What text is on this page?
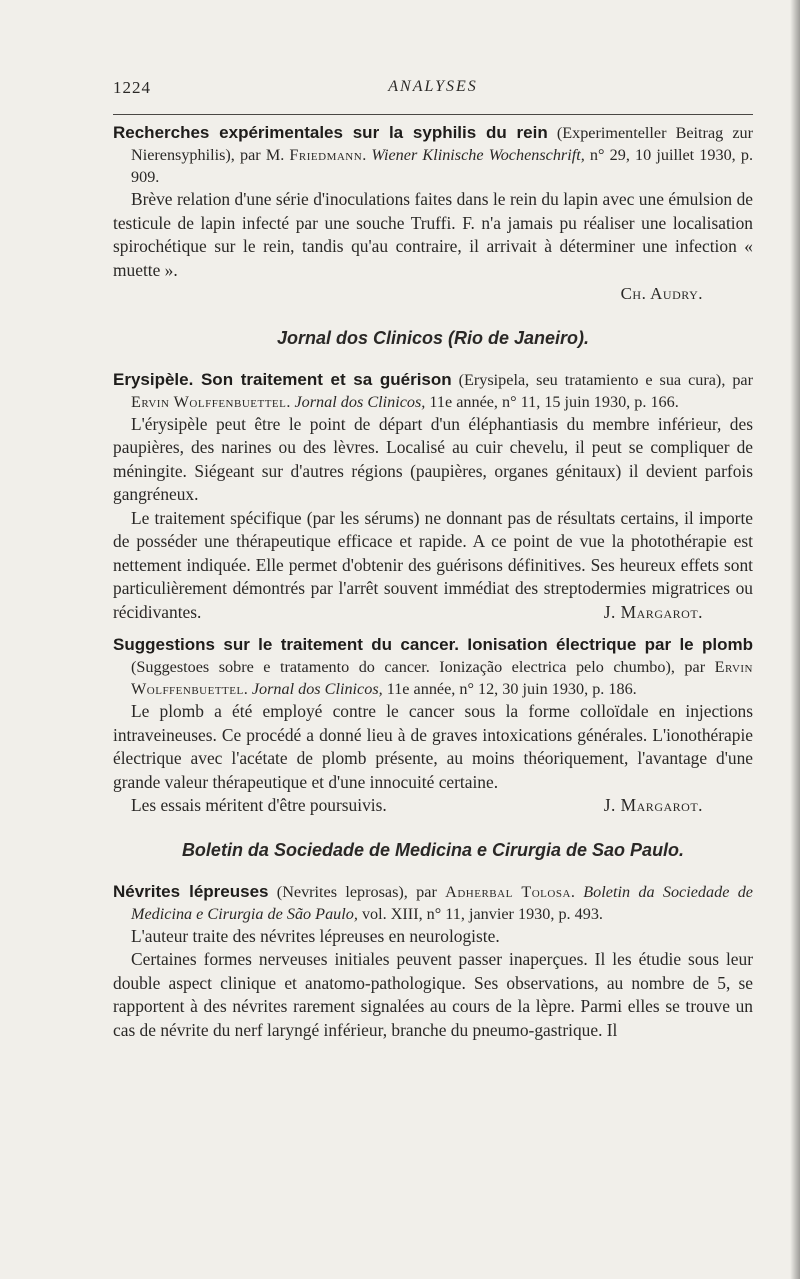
1224	ANALYSES

Recherches expérimentales sur la syphilis du rein (Experimenteller Beitrag zur Nierensyphilis), par M. Friedmann. Wiener Klinische Wochenschrift, n° 29, 10 juillet 1930, p. 909.

Brève relation d'une série d'inoculations faites dans le rein du lapin avec une émulsion de testicule de lapin infecté par une souche Truffi. F. n'a jamais pu réaliser une localisation spirochétique sur le rein, tandis qu'au contraire, il arrivait à déterminer une infection « muette ».

Ch. Audry.

Jornal dos Clinicos (Rio de Janeiro).

Erysipèle. Son traitement et sa guérison (Erysipela, seu tratamiento e sua cura), par Ervin Wolffenbuettel. Jornal dos Clinicos, 11e année, n° 11, 15 juin 1930, p. 166.

L'érysipèle peut être le point de départ d'un éléphantiasis du membre inférieur, des paupières, des narines ou des lèvres. Localisé au cuir chevelu, il peut se compliquer de méningite. Siégeant sur d'autres régions (paupières, organes génitaux) il devient parfois gangréneux.

Le traitement spécifique (par les sérums) ne donnant pas de résultats certains, il importe de posséder une thérapeutique efficace et rapide. A ce point de vue la photothérapie est nettement indiquée. Elle permet d'obtenir des guérisons définitives. Ses heureux effets sont particulièrement démontrés par l'arrêt souvent immédiat des streptodermies migratrices ou récidivantes.	J. Margarot.

Suggestions sur le traitement du cancer. Ionisation électrique par le plomb (Suggestoes sobre e tratamento do cancer. Ionização electrica pelo chumbo), par Ervin Wolffenbuettel. Jornal dos Clinicos, 11e année, n° 12, 30 juin 1930, p. 186.

Le plomb a été employé contre le cancer sous la forme colloïdale en injections intraveineuses. Ce procédé a donné lieu à de graves intoxications générales. L'ionothérapie électrique avec l'acétate de plomb présente, au moins théoriquement, l'avantage d'une grande valeur thérapeutique et d'une innocuité certaine.

Les essais méritent d'être poursuivis.	J. Margarot.

Boletin da Sociedade de Medicina e Cirurgia de Sao Paulo.

Névrites lépreuses (Nevrites leprosas), par Adherbal Tolosa. Boletin da Sociedade de Medicina e Cirurgia de São Paulo, vol. XIII, n° 11, janvier 1930, p. 493.

L'auteur traite des névrites lépreuses en neurologiste.

Certaines formes nerveuses initiales peuvent passer inaperçues. Il les étudie sous leur double aspect clinique et anatomo-pathologique. Ses observations, au nombre de 5, se rapportent à des névrites rarement signalées au cours de la lèpre. Parmi elles se trouve un cas de névrite du nerf laryngé inférieur, branche du pneumo-gastrique. Il
